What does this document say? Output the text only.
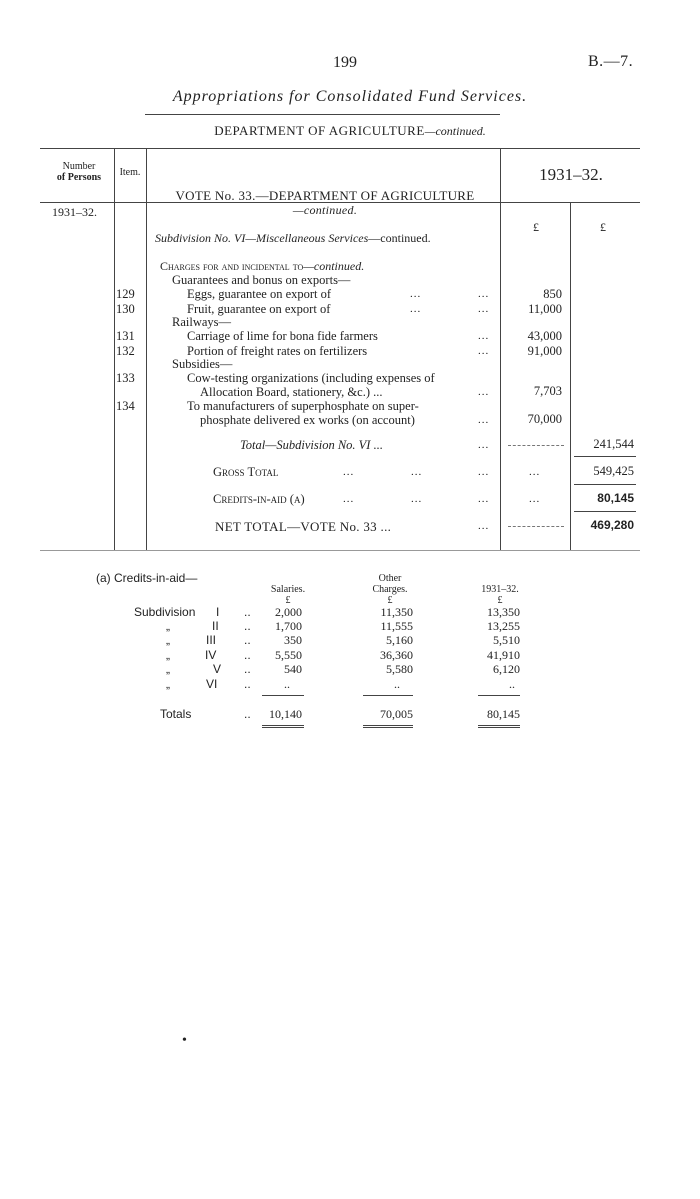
199	B.—7.
Appropriations for Consolidated Fund Services.
DEPARTMENT OF AGRICULTURE—continued.
Number
of Persons	Item.	1931–32.
VOTE No. 33.—DEPARTMENT OF AGRICULTURE
—continued.
1931–32.
£	£
Subdivision No. VI—Miscellaneous Services—continued.
Charges for and incidental to—continued.
Guarantees and bonus on exports—
129	Eggs, guarantee on export of	...	...	850
130	Fruit, guarantee on export of	...	...	11,000
Railways—
131	Carriage of lime for bona fide farmers	...	43,000
132	Portion of freight rates on fertilizers	...	91,000
Subsidies—
133	Cow-testing organizations (including expenses of
Allocation Board, stationery, &c.) ...	...	7,703
134	To manufacturers of superphosphate on super-
phosphate delivered ex works (on account)	...	70,000
Total—Subdivision No. VI ...	...	241,544
Gross Total	...	...	...	...	549,425
Credits-in-aid (a)	...	...	...	...	80,145
NET TOTAL—VOTE No. 33 ...	...	469,280
(a) Credits-in-aid—
Salaries.
£
Other
Charges.
£
1931–32.
£
Subdivision I .. 2,000	11,350	13,350
„	II .. 1,700	11,555	13,255
„	III ..	350	5,160	5,510
„	IV .. 5,550	36,360	41,910
„	V ..	540	5,580	6,120
„	VI ..	..	..	..
Totals	.. 10,140	70,005	80,145
•
